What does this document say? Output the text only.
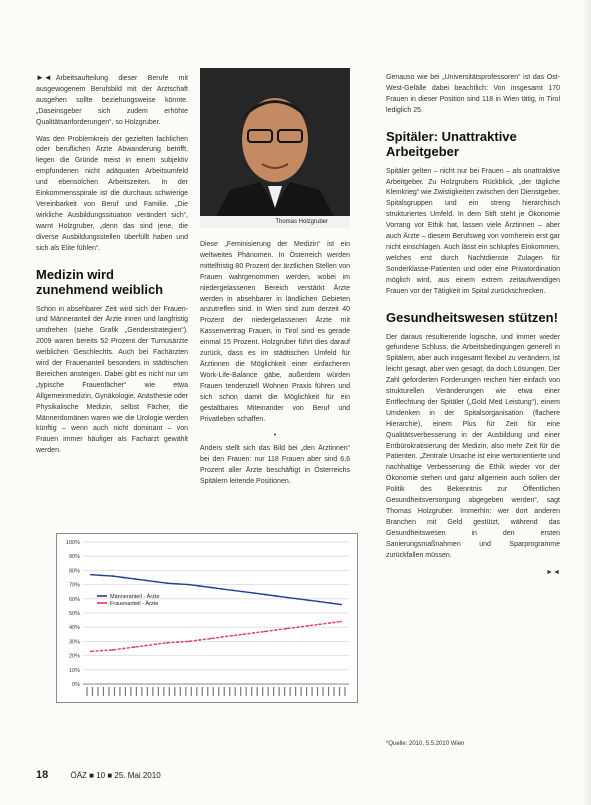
►◄ Arbeitsaufteilung dieser Berufe mit ausgewogenem Berufsbild mit der Arztschaft ausgehen sollte beziehungsweise könnte. „Daseinsgeber sich zudem erhöhte Qualitätsanforderungen“, so Holzgruber.

Was den Problemkreis der gezielten fachlichen oder beruflichen Ärzte Abwanderung betrifft, liegen die Gründe meist in einem subjektiv empfundenen nicht adäquaten Arbeitsumfeld und ebensolchen Arbeitszeiten. In der Einkommensspirale ist die durchaus schwierige Vereinbarkeit von Beruf und Familie. „Die wirkliche Ausbildungssituation verändert sich“, warnt Holzgruber, „denn das sind jene, die diverse Ausbildungsstellen überfüllt haben und sich als Elite fühlen“.

Medizin wird zunehmend weiblich

Schon in absehbarer Zeit wird sich der Frauen- und Männeranteil der Ärzte innen und langfristig umdrehen (siehe Grafik „Genderstrategien“). 2009 waren bereits 52 Prozent der Turnusärzte weiblichen Geschlechts. Auch bei Fachärzten wird der Frauenanteil besonders in städtischen Bereichen ansteigen. Dabei gibt es nicht nur um „typische Frauenfächer“ wie etwa Allgemeinmedizin, Gynäkologie, Anästhesie oder Physikalische Medizin, selbst Fächer, die Männerdomänen waren wie die Urologie werden künftig – wenn auch nicht dominant – von Frauen immer häufiger als Facharzt gewählt werden.

Thomas Holzgruber

Diese „Feminisierung der Medizin“ ist ein weltweites Phänomen. In Österreich werden mittelfristig 80 Prozent der ärztlichen Stellen von Frauen wahrgenommen werden, wobei im niedergelassenen Bereich verstärkt Ärzte werden in absehbarer in ländlichen Gebieten anzutreffen sind. In Wien sind zum derzeit 40 Prozent der niedergelassenen Ärzte mit Kassenvertrag Frauen, in Tirol sind es gerade einmal 15 Prozent. Holzgruber führt dies darauf zurück, dass es im städtischen Umfeld für Ärztinnen die Möglichkeit einer einfacheren Work-Life-Balance gäbe, außerdem würden Frauen tendenziell Wohnen Praxis führen und sich schon damit die Möglichkeit für ein gestaltbares Miteinander von Beruf und Privatleben schaffen.

•

Anders stellt sich das Bild bei „den Ärztinnen“ bei den Frauen: nur 118 Frauen aber sind 6,6 Prozent aller Ärzte beschäftigt in Österreichs Spitälern leitende Positionen.

Genauso wie bei „Universitätsprofessoren“ ist das Ost-West-Gefälle dabei beachtlich: Von insgesamt 170 Frauen in dieser Position sind 118 in Wien tätig, in Tirol lediglich 25.

Spitäler: Unattraktive Arbeitgeber

Spitäler gelten – nicht nur bei Frauen – als unattraktive Arbeitgeber. Zu Holzgrubers Rückblick, „der tägliche Kleinkrieg“ wie Zwistigkeiten zwischen den Dienstgeber, Spitalsgruppen und ein streng hierarchisch strukturiertes Umfeld. In dem Stift steht je Ökonomie Vorrang vor Ethik hat, lassen viele Ärztinnen – aber auch Ärzte – diesem Berufsweg von vornherein erst gar nicht einschlagen. Auch lässt ein schlupfes Einkommen, welches erst durch Nachtdienste Zulagen für Sonderklasse-Patienten und oder eine Privatordination möglich wird, aus einem extrem zeitaufwendigen Frauen vor der Tätigkeit im Spital zurückschrecken.

Gesundheitswesen stützen!

Der daraus resultierende logische, und immer wieder gefundene Schluss, die Arbeitsbedingungen generell in Spitälern, aber auch insgesamt flexibel zu verändern, ist leicht gesagt, aber wen gesagt, da doch Lösungen. Der Zahl geforderten Forderungen reichen hier einfach von strukturellen Veränderungen wie etwa einer Entflechtung der Spitäler („Gold Med Leistung“), einem Umdenken in der Spitalsorganisation (flachere Hierarchie), einem Plus für Zeit für eine Qualitätsverbesserung in der Ausbildung und einer Entbürokratisierung der Medizin, also mehr Zeit für die Patienten. „Zentrale Ursache ist eine wertorientierte und nachhaltige Verbesserung die Ethik wieder vor der Ökonomie stehen und ganz allgemein auch sollen der Politik des Bekenntnis zur Öffentlichen Gesundheitsversorgung abgegeben werden“, sagt Thomas Holzgruber. Immerhin: wer dort anderen Branchen mit Geld gestützt, während das Gesundheitswesen in den ersten Sanierungsmaßnahmen und Sparprogramme zurückfallen müssen.

►◄
0%
10%
20%
30%
40%
50%
60%
70%
80%
90%
100%
Männeranteil - Ärzte
Frauenanteil - Ärzte
*Quelle: 2010, 5.5.2010 Wien
18	ÖÄZ ■ 10 ■ 25. Mai 2010
